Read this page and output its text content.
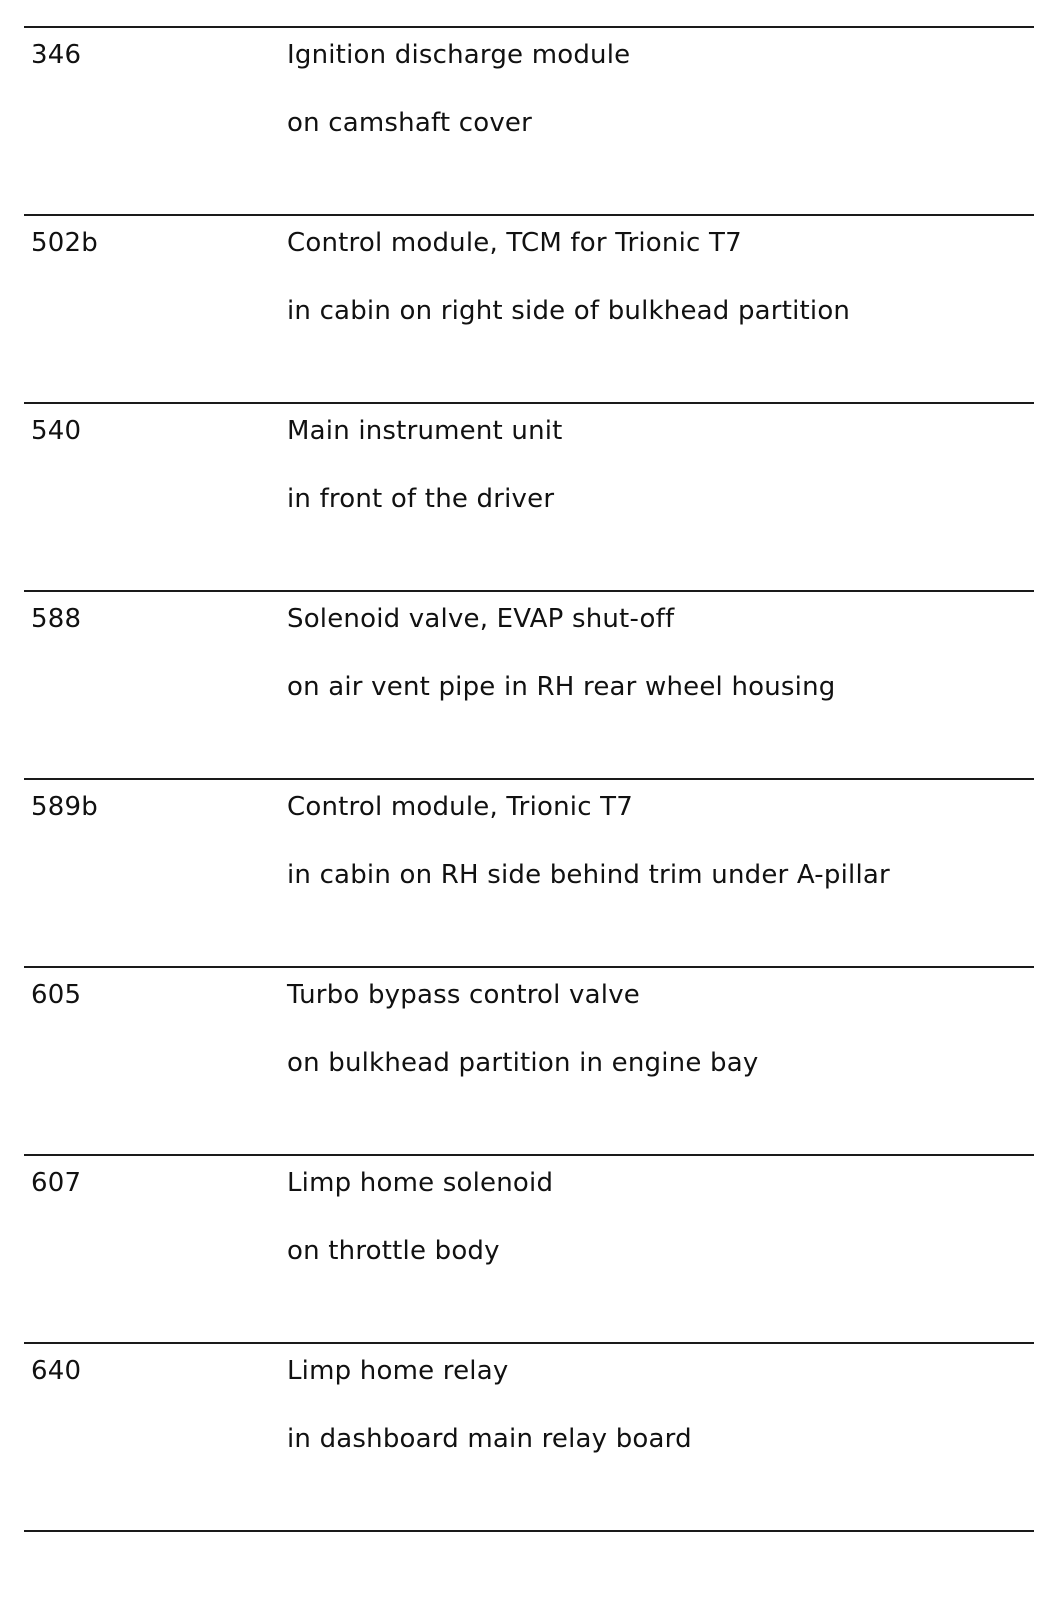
346	Ignition discharge module
on camshaft cover
502b	Control module, TCM for Trionic T7
in cabin on right side of bulkhead partition
540	Main instrument unit
in front of the driver
588	Solenoid valve, EVAP shut-off
on air vent pipe in RH rear wheel housing
589b	Control module, Trionic T7
in cabin on RH side behind trim under A-pillar
605	Turbo bypass control valve
on bulkhead partition in engine bay
607	Limp home solenoid
on throttle body
640	Limp home relay
in dashboard main relay board
